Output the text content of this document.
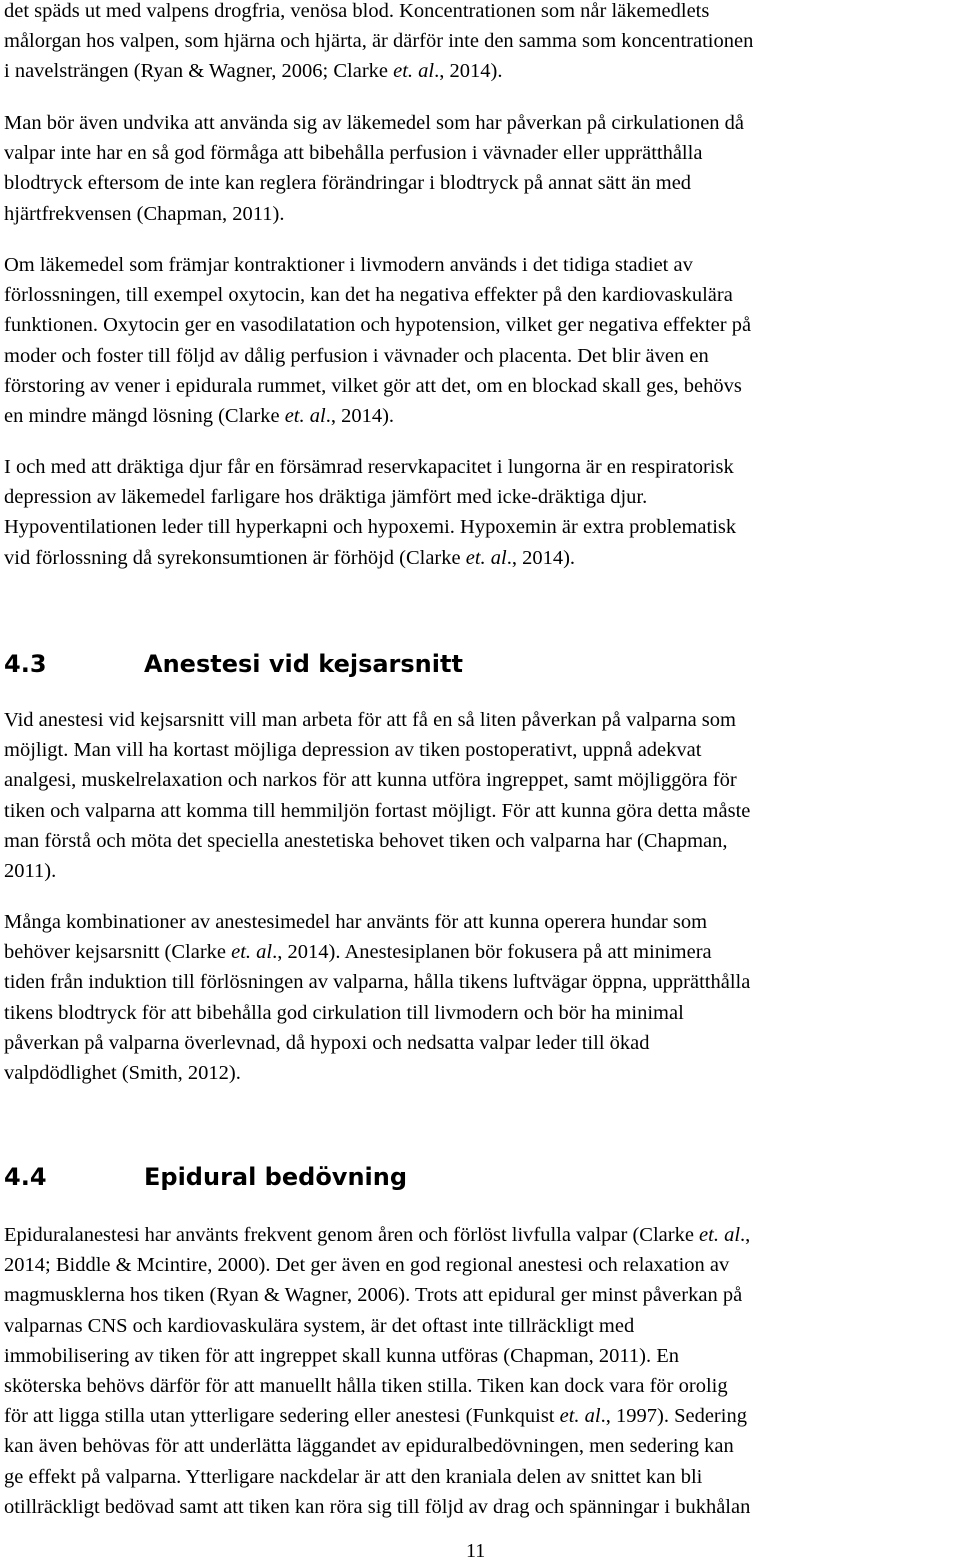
det späds ut med valpens drogfria, venösa blod. Koncentrationen som når läkemedlets
målorgan hos valpen, som hjärna och hjärta, är därför inte den samma som koncentrationen
i navelsträngen (Ryan & Wagner, 2006; Clarke et. al., 2014).
Man bör även undvika att använda sig av läkemedel som har påverkan på cirkulationen då
valpar inte har en så god förmåga att bibehålla perfusion i vävnader eller upprätthålla
blodtryck eftersom de inte kan reglera förändringar i blodtryck på annat sätt än med
hjärtfrekvensen (Chapman, 2011).
Om läkemedel som främjar kontraktioner i livmodern används i det tidiga stadiet av
förlossningen, till exempel oxytocin, kan det ha negativa effekter på den kardiovaskulära
funktionen. Oxytocin ger en vasodilatation och hypotension, vilket ger negativa effekter på
moder och foster till följd av dålig perfusion i vävnader och placenta. Det blir även en
förstoring av vener i epidurala rummet, vilket gör att det, om en blockad skall ges, behövs
en mindre mängd lösning (Clarke et. al., 2014).
I och med att dräktiga djur får en försämrad reservkapacitet i lungorna är en respiratorisk
depression av läkemedel farligare hos dräktiga jämfört med icke-dräktiga djur.
Hypoventilationen leder till hyperkapni och hypoxemi. Hypoxemin är extra problematisk
vid förlossning då syrekonsumtionen är förhöjd (Clarke et. al., 2014).
4.3	Anestesi vid kejsarsnitt
Vid anestesi vid kejsarsnitt vill man arbeta för att få en så liten påverkan på valparna som
möjligt. Man vill ha kortast möjliga depression av tiken postoperativt, uppnå adekvat
analgesi, muskelrelaxation och narkos för att kunna utföra ingreppet, samt möjliggöra för
tiken och valparna att komma till hemmiljön fortast möjligt. För att kunna göra detta måste
man förstå och möta det speciella anestetiska behovet tiken och valparna har (Chapman,
2011).
Många kombinationer av anestesimedel har använts för att kunna operera hundar som
behöver kejsarsnitt (Clarke et. al., 2014). Anestesiplanen bör fokusera på att minimera
tiden från induktion till förlösningen av valparna, hålla tikens luftvägar öppna, upprätthålla
tikens blodtryck för att bibehålla god cirkulation till livmodern och bör ha minimal
påverkan på valparna överlevnad, då hypoxi och nedsatta valpar leder till ökad
valpdödlighet (Smith, 2012).
4.4	Epidural bedövning
Epiduralanestesi har använts frekvent genom åren och förlöst livfulla valpar (Clarke et. al.,
2014; Biddle & Mcintire, 2000). Det ger även en god regional anestesi och relaxation av
magmusklerna hos tiken (Ryan & Wagner, 2006). Trots att epidural ger minst påverkan på
valparnas CNS och kardiovaskulära system, är det oftast inte tillräckligt med
immobilisering av tiken för att ingreppet skall kunna utföras (Chapman, 2011). En
sköterska behövs därför för att manuellt hålla tiken stilla. Tiken kan dock vara för orolig
för att ligga stilla utan ytterligare sedering eller anestesi (Funkquist et. al., 1997). Sedering
kan även behövas för att underlätta läggandet av epiduralbedövningen, men sedering kan
ge effekt på valparna. Ytterligare nackdelar är att den kraniala delen av snittet kan bli
otillräckligt bedövad samt att tiken kan röra sig till följd av drag och spänningar i bukhålan
11
